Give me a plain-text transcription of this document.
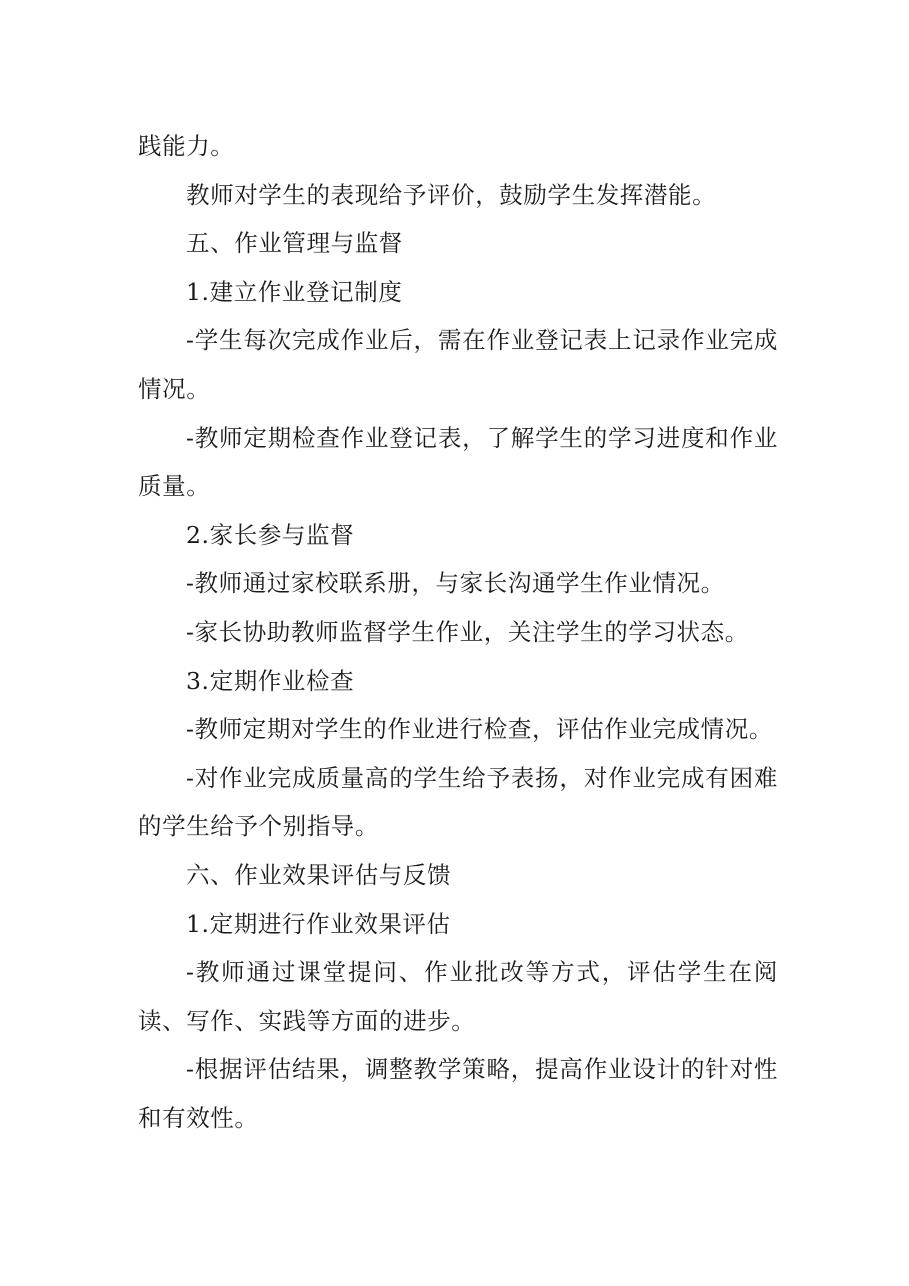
践能力。

教师对学生的表现给予评价，鼓励学生发挥潜能。

五、作业管理与监督

1.建立作业登记制度

-学生每次完成作业后，需在作业登记表上记录作业完成情况。

-教师定期检查作业登记表，了解学生的学习进度和作业质量。

2.家长参与监督

-教师通过家校联系册，与家长沟通学生作业情况。

-家长协助教师监督学生作业，关注学生的学习状态。

3.定期作业检查

-教师定期对学生的作业进行检查，评估作业完成情况。

-对作业完成质量高的学生给予表扬，对作业完成有困难的学生给予个别指导。

六、作业效果评估与反馈

1.定期进行作业效果评估

-教师通过课堂提问、作业批改等方式，评估学生在阅读、写作、实践等方面的进步。

-根据评估结果，调整教学策略，提高作业设计的针对性和有效性。
